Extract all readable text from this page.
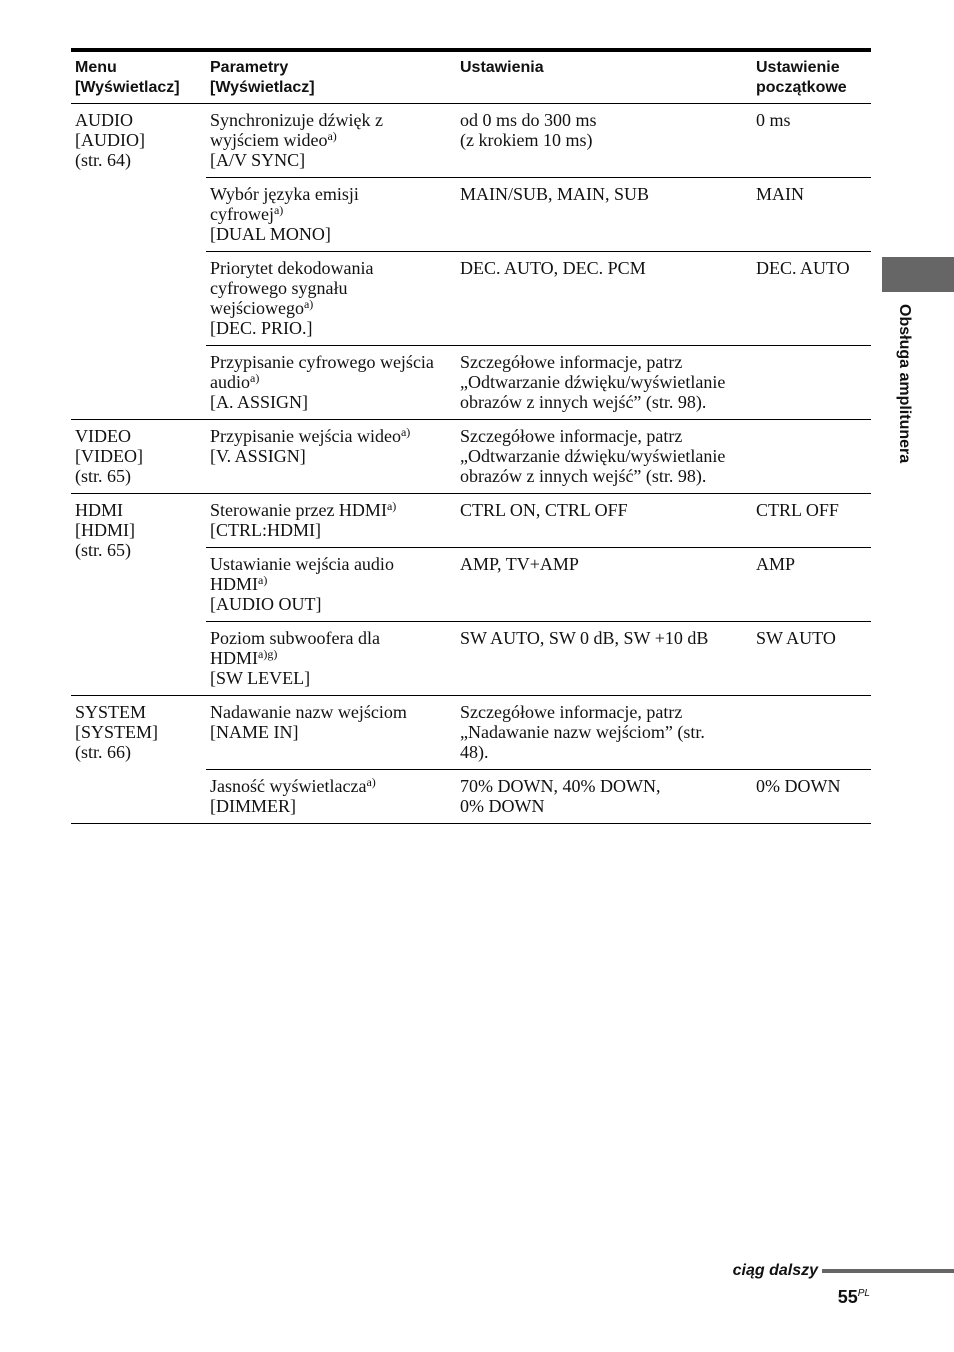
Menu
[Wyświetlacz]	Parametry
[Wyświetlacz]	Ustawienia	Ustawienie
początkowe

AUDIO
[AUDIO]
(str. 64)	Synchronizuje dźwięk z
wyjściem wideo$^{a)}$
[A/V SYNC]	od 0 ms do 300 ms
(z krokiem 10 ms)	0 ms

	Wybór języka emisji
cyfrowej$^{a)}$
[DUAL MONO]	MAIN/SUB, MAIN, SUB	MAIN

	Priorytet dekodowania
cyfrowego sygnału
wejściowego$^{a)}$
[DEC. PRIO.]	DEC. AUTO, DEC. PCM	DEC. AUTO

	Przypisanie cyfrowego wejścia
audio$^{a)}$
[A. ASSIGN]	Szczegółowe informacje, patrz
„Odtwarzanie dźwięku/wyświetlanie
obrazów z innych wejść” (str. 98).	

VIDEO
[VIDEO]
(str. 65)	Przypisanie wejścia wideo$^{a)}$
[V. ASSIGN]	Szczegółowe informacje, patrz
„Odtwarzanie dźwięku/wyświetlanie
obrazów z innych wejść” (str. 98).	

HDMI
[HDMI]
(str. 65)	Sterowanie przez HDMI$^{a)}$
[CTRL:HDMI]	CTRL ON, CTRL OFF	CTRL OFF

	Ustawianie wejścia audio
HDMI$^{a)}$
[AUDIO OUT]	AMP, TV+AMP	AMP

	Poziom subwoofera dla
$HDMI^{a)g)}$
[SW LEVEL]	SW AUTO, SW 0 dB, SW +10 dB	SW AUTO

SYSTEM
[SYSTEM]
(str. 66)	Nadawanie nazw wejściom
[NAME IN]	Szczegółowe informacje, patrz
„Nadawanie nazw wejściom” (str.
48).	

	Jasność wyświetlacza$^{a)}$
[DIMMER]	70% DOWN, 40% DOWN,
0% DOWN	0% DOWN
Obsługa amplitunera
ciąg dalszy
$55^{PL}$
